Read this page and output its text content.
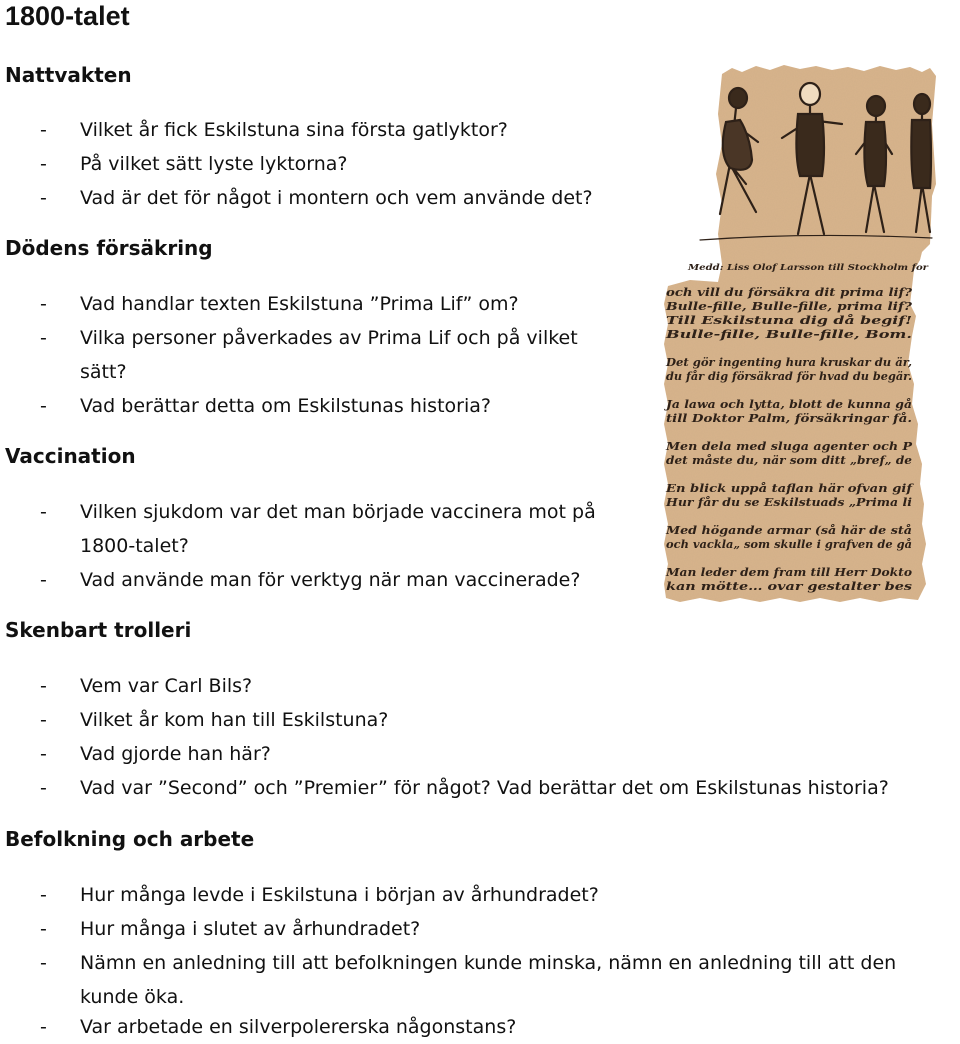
1800-talet
Nattvakten
- Vilket år fick Eskilstuna sina första gatlyktor?
- På vilket sätt lyste lyktorna?
- Vad är det för något i montern och vem använde det?
Dödens försäkring
- Vad handlar texten Eskilstuna ”Prima Lif” om?
- Vilka personer påverkades av Prima Lif och på vilket
sätt?
- Vad berättar detta om Eskilstunas historia?
Vaccination
- Vilken sjukdom var det man började vaccinera mot på
1800-talet?
- Vad använde man för verktyg när man vaccinerade?
Skenbart trolleri
- Vem var Carl Bils?
- Vilket år kom han till Eskilstuna?
- Vad gjorde han här?
- Vad var ”Second” och ”Premier” för något? Vad berättar det om Eskilstunas historia?
Befolkning och arbete
- Hur många levde i Eskilstuna i början av århundradet?
- Hur många i slutet av århundradet?
- Nämn en anledning till att befolkningen kunde minska, nämn en anledning till att den
kunde öka.
- Var arbetade en silverpolererska någonstans?
Medd: Liss Olof Larsson till Stockholm for
och vill du försäkra dit prima lif?
Bulle-fille, Bulle-fille, prima lif?
Till Eskilstuna dig då begif!
Bulle-fille, Bulle-fille, Bom.
Det gör ingenting hura kruskar du är,
du får dig försäkrad för hvad du begär.
Ja lawa och lytta, blott de kunna gå
till Doktor Palm, försäkringar få.
Men dela med sluga agenter och P
det måste du, när som ditt „bref„ de
En blick uppå taflan här ofvan gif
Hur får du se Eskilstuads „Prima li
Med högande armar (så här de stå
och vackla„ som skulle i grafven de gå
Man leder dem fram till Herr Dokto
kan mötte… ovar gestalter bes
